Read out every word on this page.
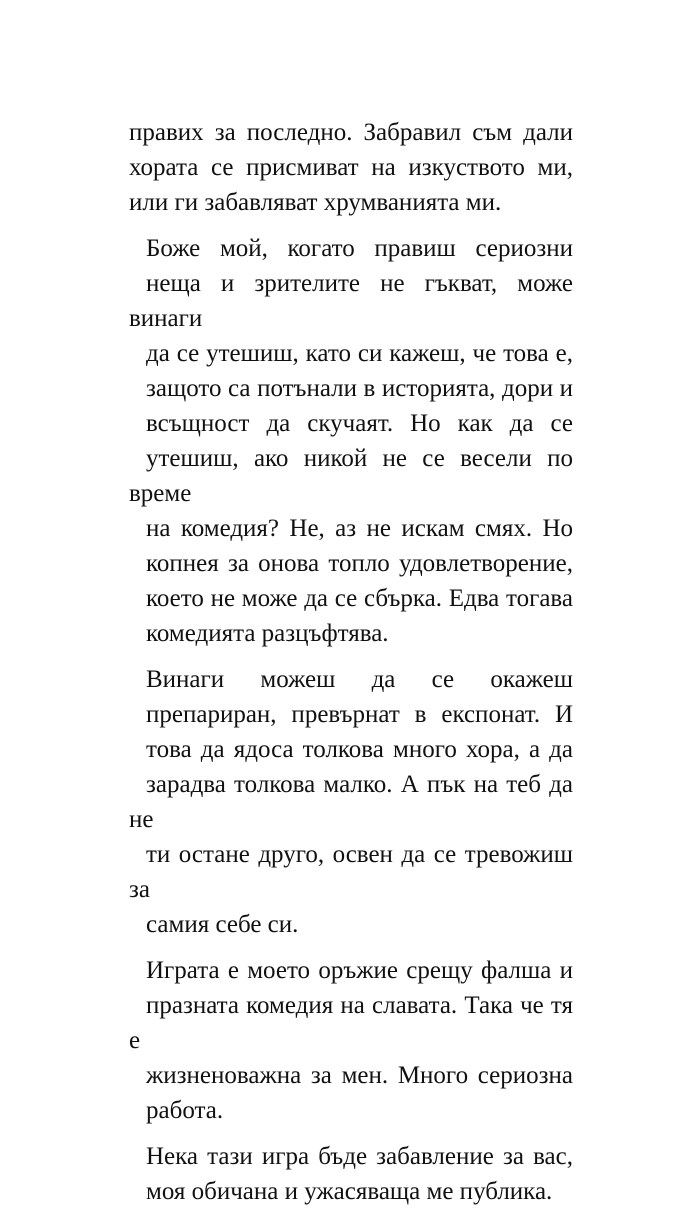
правих за последно. Забравил съм дали
хората се присмиват на изкуството ми,
или ги забавляват хрумванията ми.

Боже мой, когато правиш сериозни
неща и зрителите не гъкват, може винаги
да се утешиш, като си кажеш, че това е,
защото са потънали в историята, дори и
всъщност да скучаят. Но как да се
утешиш, ако никой не се весели по време
на комедия? Не, аз не искам смях. Но
копнея за онова топло удовлетворение,
което не може да се сбърка. Едва тогава
комедията разцъфтява.

Винаги можеш да се окажеш
препариран, превърнат в експонат. И
това да ядоса толкова много хора, а да
зарадва толкова малко. А пък на теб да не
ти остане друго, освен да се тревожиш за
самия себе си.

Играта е моето оръжие срещу фалша и
празната комедия на славата. Така че тя е
жизненоважна за мен. Много сериозна
работа.

Нека тази игра бъде забавление за вас,
моя обичана и ужасяваща ме публика.
